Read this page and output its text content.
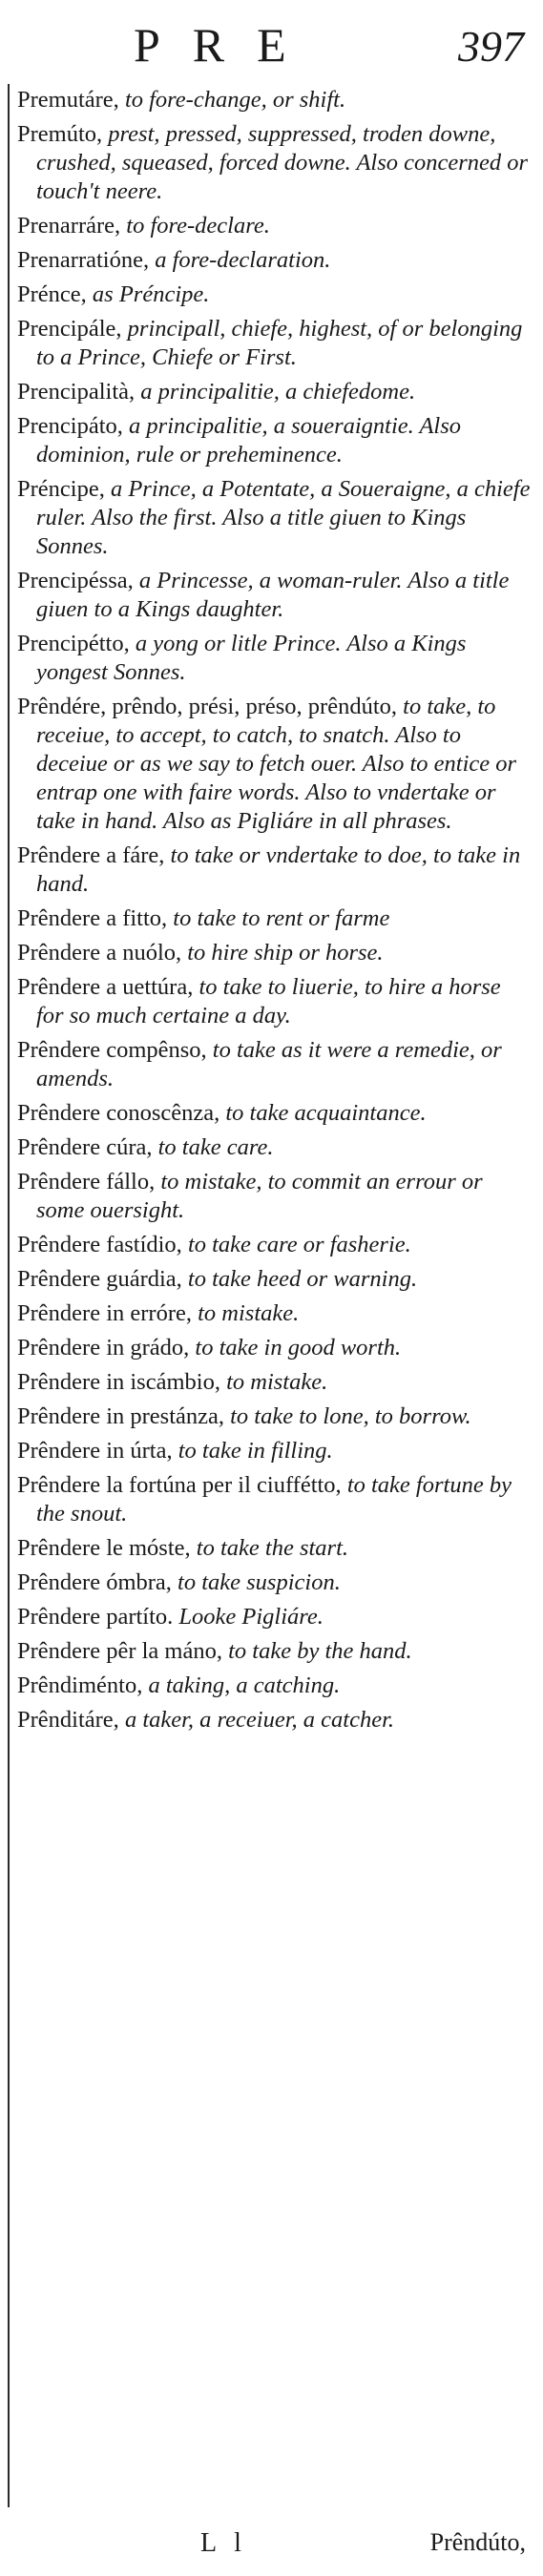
PRE	397
Premutáre, to fore-change, or shift.
Premúto, prest, pressed, suppressed, troden downe, crushed, squeased, forced downe. Also concerned or touch't neere.
Prenarráre, to fore-declare.
Prenarratióne, a fore-declaration.
Prénce, as Préncipe.
Prencipále, principall, chiefe, highest, of or belonging to a Prince, Chiefe or First.
Prencipalità, a principalitie, a chiefedome.
Prencipáto, a principalitie, a soueraigntie. Also dominion, rule or preheminence.
Préncipe, a Prince, a Potentate, a Soueraigne, a chiefe ruler. Also the first. Also a title giuen to Kings Sonnes.
Prencipéssa, a Princesse, a woman-ruler. Also a title giuen to a Kings daughter.
Prencipétto, a yong or litle Prince. Also a Kings yongest Sonnes.
Prêndére, prêndo, prési, préso, prêndúto, to take, to receiue, to accept, to catch, to snatch. Also to deceiue or as we say to fetch ouer. Also to entice or entrap one with faire words. Also to vndertake or take in hand. Also as Pigliáre in all phrases.
Prêndere a fáre, to take or vndertake to doe, to take in hand.
Prêndere a fitto, to take to rent or farme
Prêndere a nuólo, to hire ship or horse.
Prêndere a uettúra, to take to liuerie, to hire a horse for so much certaine a day.
Prêndere compênso, to take as it were a remedie, or amends.
Prêndere conoscênza, to take acquaintance.
Prêndere cúra, to take care.
Prêndere fállo, to mistake, to commit an errour or some ouersight.
Prêndere fastídio, to take care or fasherie.
Prêndere guárdia, to take heed or warning.
Prêndere in erróre, to mistake.
Prêndere in grádo, to take in good worth.
Prêndere in iscámbio, to mistake.
Prêndere in prestánza, to take to lone, to borrow.
Prêndere in úrta, to take in filling.
Prêndere la fortúna per il ciuffétto, to take fortune by the snout.
Prêndere le móste, to take the start.
Prêndere ómbra, to take suspicion.
Prêndere partíto. Looke Pigliáre.
Prêndere pêr la máno, to take by the hand.
Prêndiménto, a taking, a catching.
Prênditáre, a taker, a receiuer, a catcher.
L l	Prêndúto,
